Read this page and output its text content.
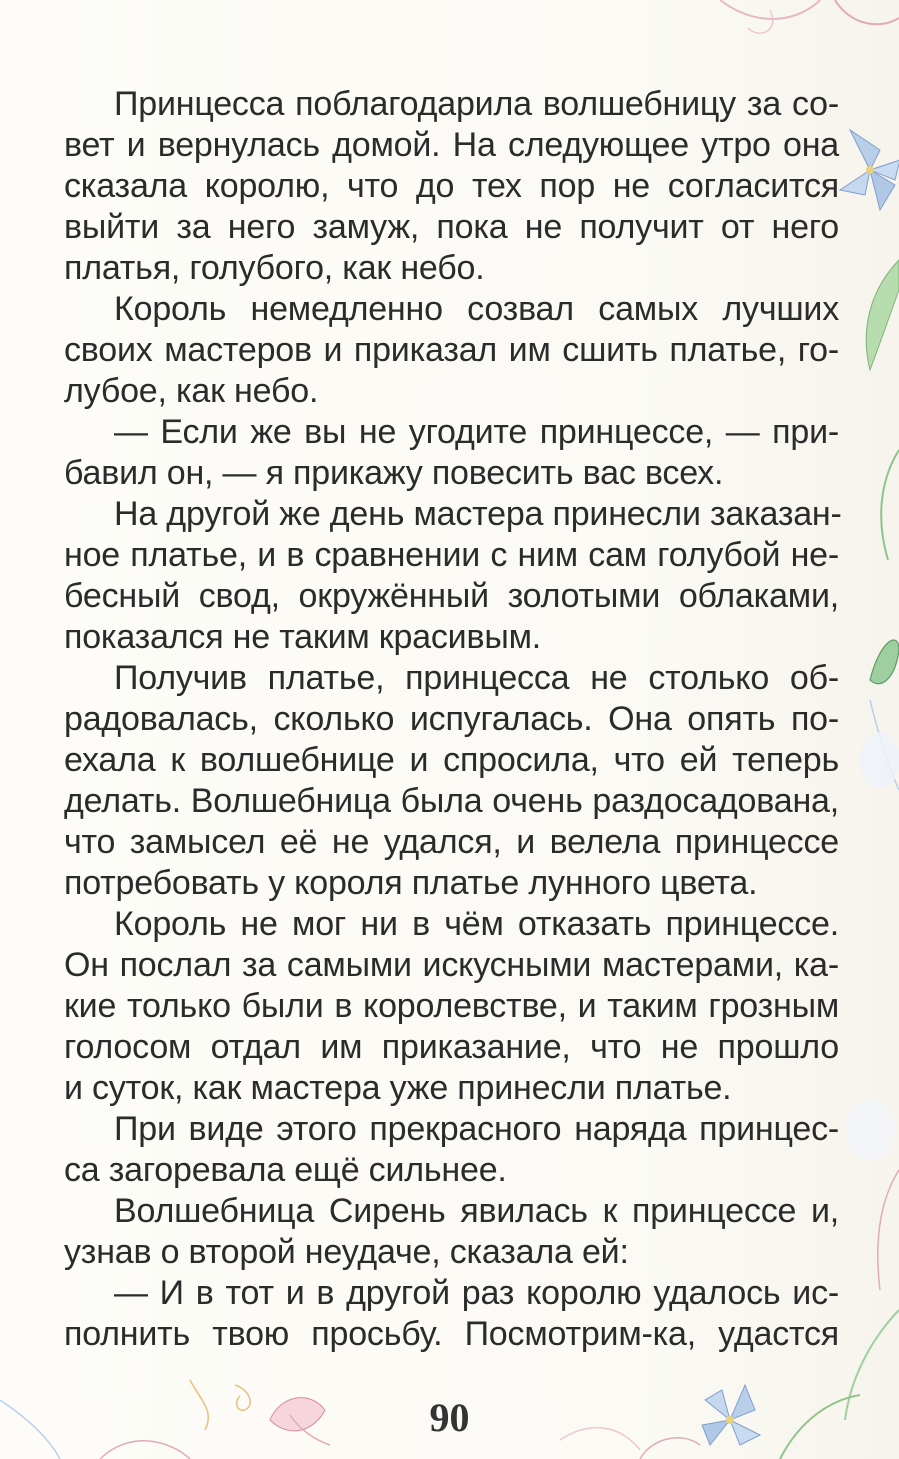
Принцесса поблагодарила волшебницу за со-
вет и вернулась домой. На следующее утро она
сказала королю, что до тех пор не согласится
выйти за него замуж, пока не получит от него
платья, голубого, как небо.
Король немедленно созвал самых лучших
своих мастеров и приказал им сшить платье, го-
лубое, как небо.
— Если же вы не угодите принцессе, — при-
бавил он, — я прикажу повесить вас всех.
На другой же день мастера принесли заказан-
ное платье, и в сравнении с ним сам голубой не-
бесный свод, окружённый золотыми облаками,
показался не таким красивым.
Получив платье, принцесса не столько об-
радовалась, сколько испугалась. Она опять по-
ехала к волшебнице и спросила, что ей теперь
делать. Волшебница была очень раздосадована,
что замысел её не удался, и велела принцессе
потребовать у короля платье лунного цвета.
Король не мог ни в чём отказать принцессе.
Он послал за самыми искусными мастерами, ка-
кие только были в королевстве, и таким грозным
голосом отдал им приказание, что не прошло
и суток, как мастера уже принесли платье.
При виде этого прекрасного наряда принцес-
са загоревала ещё сильнее.
Волшебница Сирень явилась к принцессе и,
узнав о второй неудаче, сказала ей:
— И в тот и в другой раз королю удалось ис-
полнить твою просьбу. Посмотрим-ка, удастся
90
